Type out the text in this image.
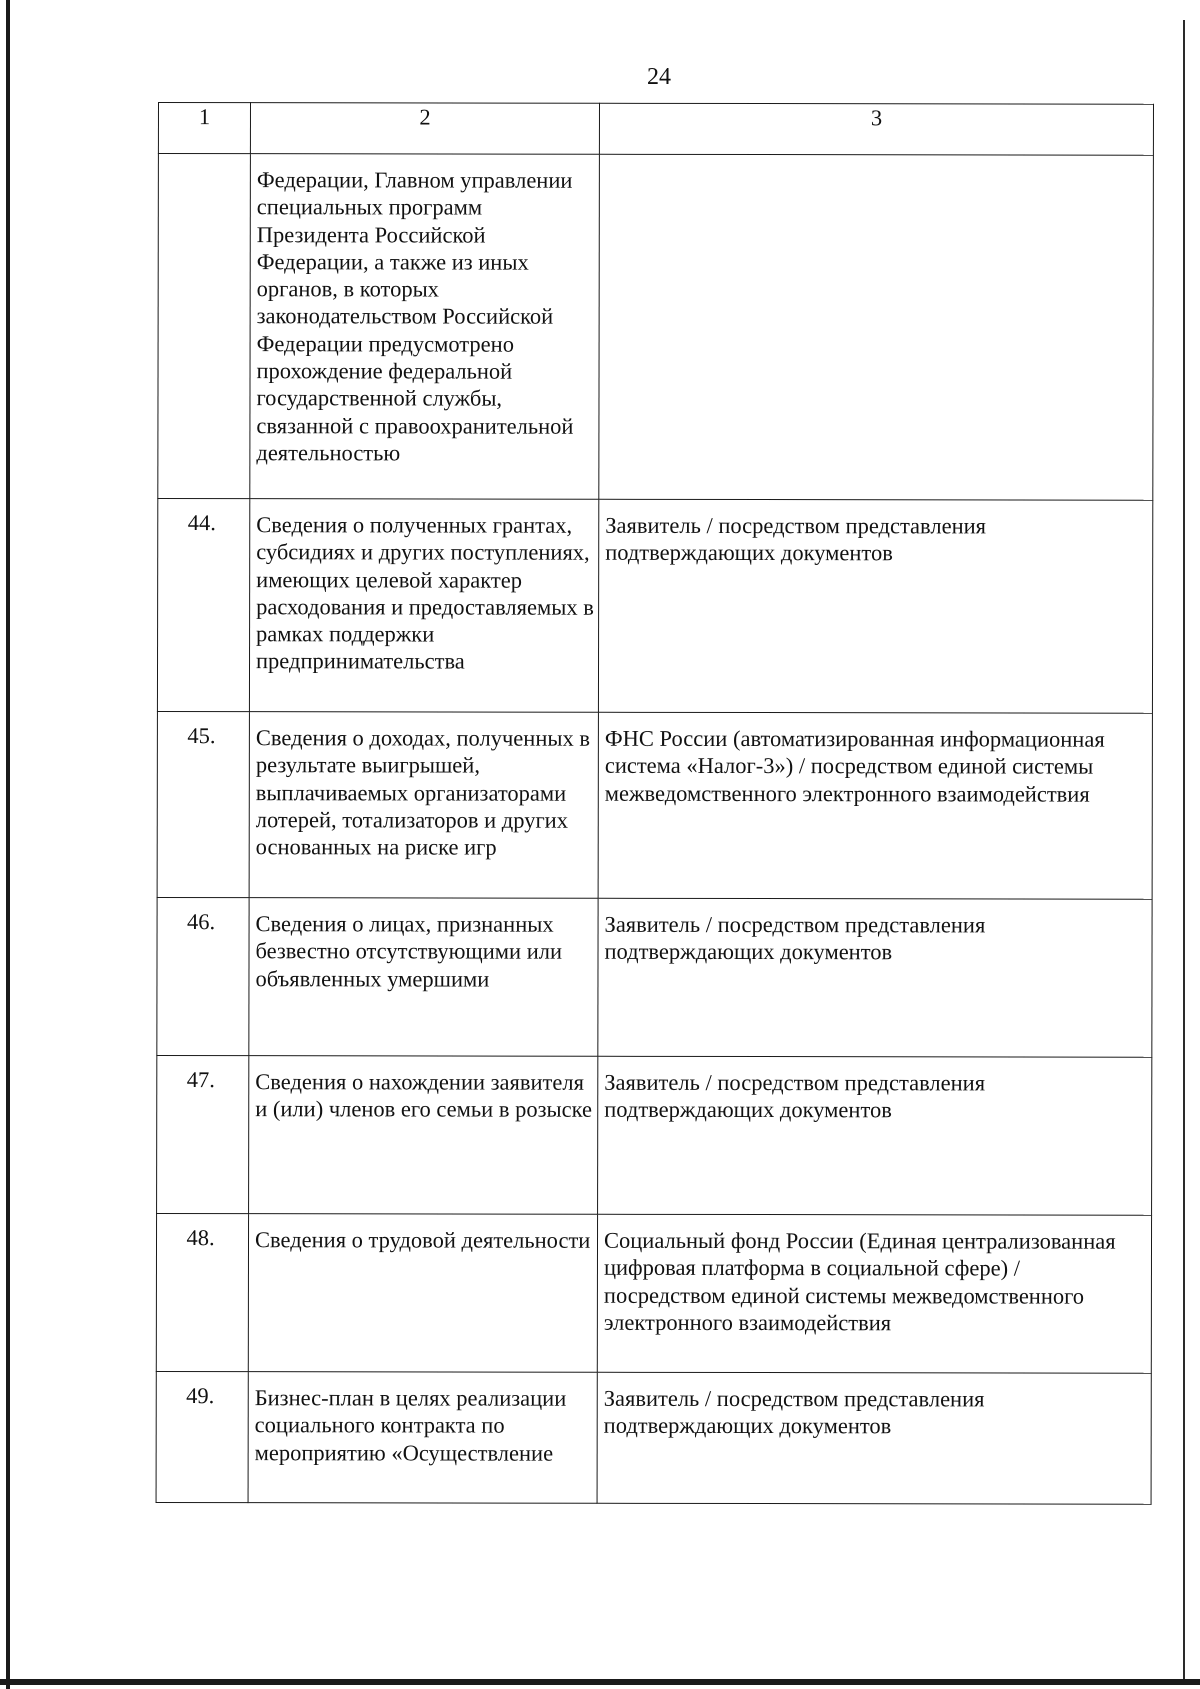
24
1	2	3

	Федерации, Главном управлении специальных программ Президента Российской Федерации, а также из иных органов, в которых законодательством Российской Федерации предусмотрено прохождение федеральной государственной службы, связанной с правоохранительной деятельностью	

44.	Сведения о полученных грантах, субсидиях и других поступлениях, имеющих целевой характер расходования и предоставляемых в рамках поддержки предпринимательства	Заявитель / посредством представления подтверждающих документов

45.	Сведения о доходах, полученных в результате выигрышей, выплачиваемых организаторами лотерей, тотализаторов и других основанных на риске игр	ФНС России (автоматизированная информационная система «Налог-3») / посредством единой системы межведомственного электронного взаимодействия

46.	Сведения о лицах, признанных безвестно отсутствующими или объявленных умершими	Заявитель / посредством представления подтверждающих документов

47.	Сведения о нахождении заявителя и (или) членов его семьи в розыске	Заявитель / посредством представления подтверждающих документов

48.	Сведения о трудовой деятельности	Социальный фонд России (Единая централизованная цифровая платформа в социальной сфере) / посредством единой системы межведомственного электронного взаимодействия

49.	Бизнес-план в целях реализации социального контракта по мероприятию «Осуществление	Заявитель / посредством представления подтверждающих документов
